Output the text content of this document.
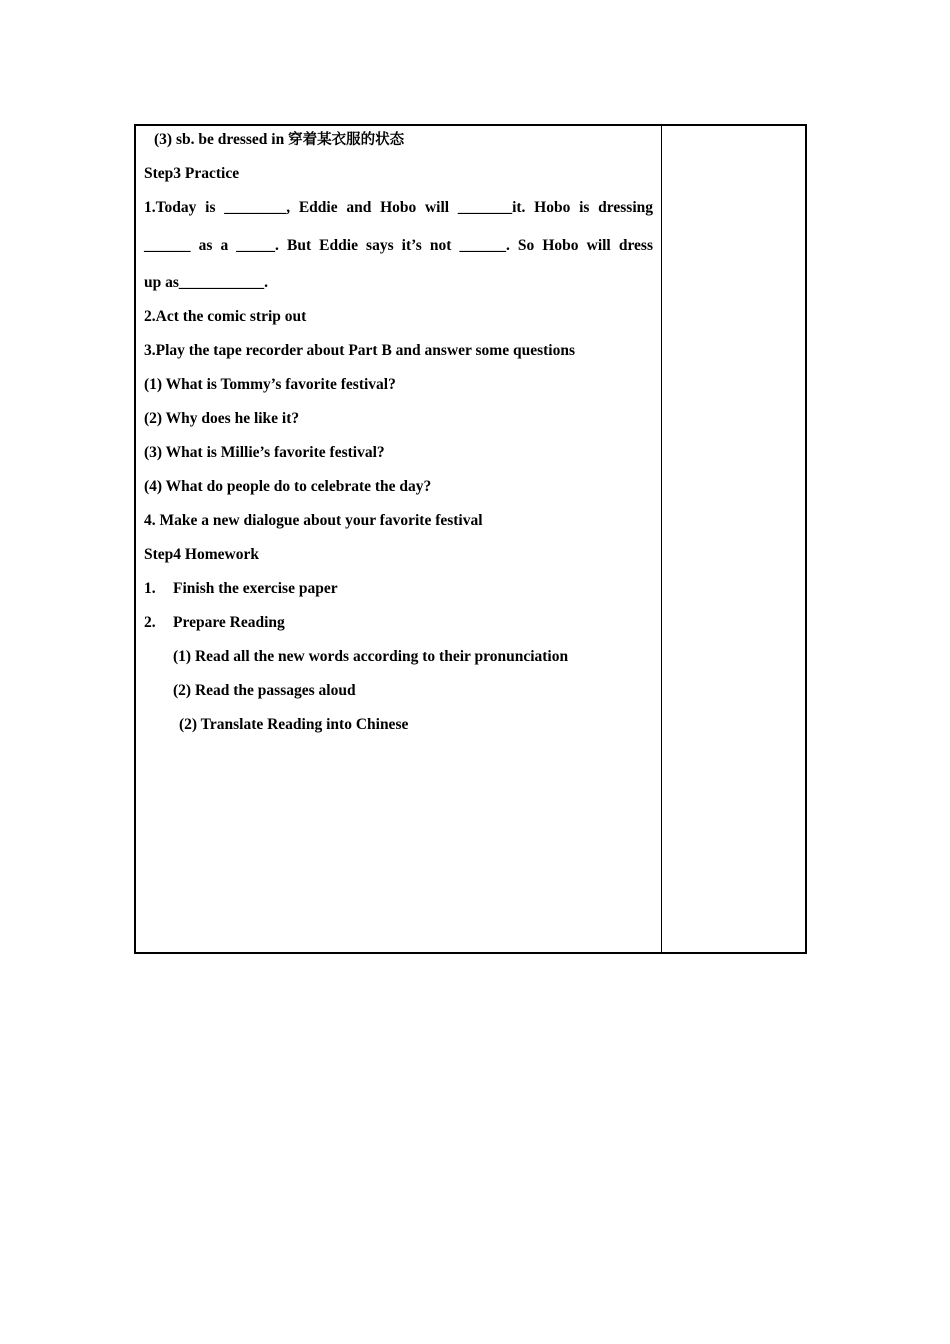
(3) sb. be dressed in 穿着某衣服的状态
Step3 Practice
1.Today is ________, Eddie and Hobo will _______it. Hobo is dressing
______ as a _____. But Eddie says it’s not ______. So Hobo will dress
up as___________.
2.Act the comic strip out
3.Play the tape recorder about Part B and answer some questions
(1) What is Tommy’s favorite festival?
(2) Why does he like it?
(3) What is Millie’s favorite festival?
(4) What do people do to celebrate the day?
4. Make a new dialogue about your favorite festival
Step4 Homework
1. Finish the exercise paper
2. Prepare Reading
(1) Read all the new words according to their pronunciation
(2) Read the passages aloud
(2) Translate Reading into Chinese
